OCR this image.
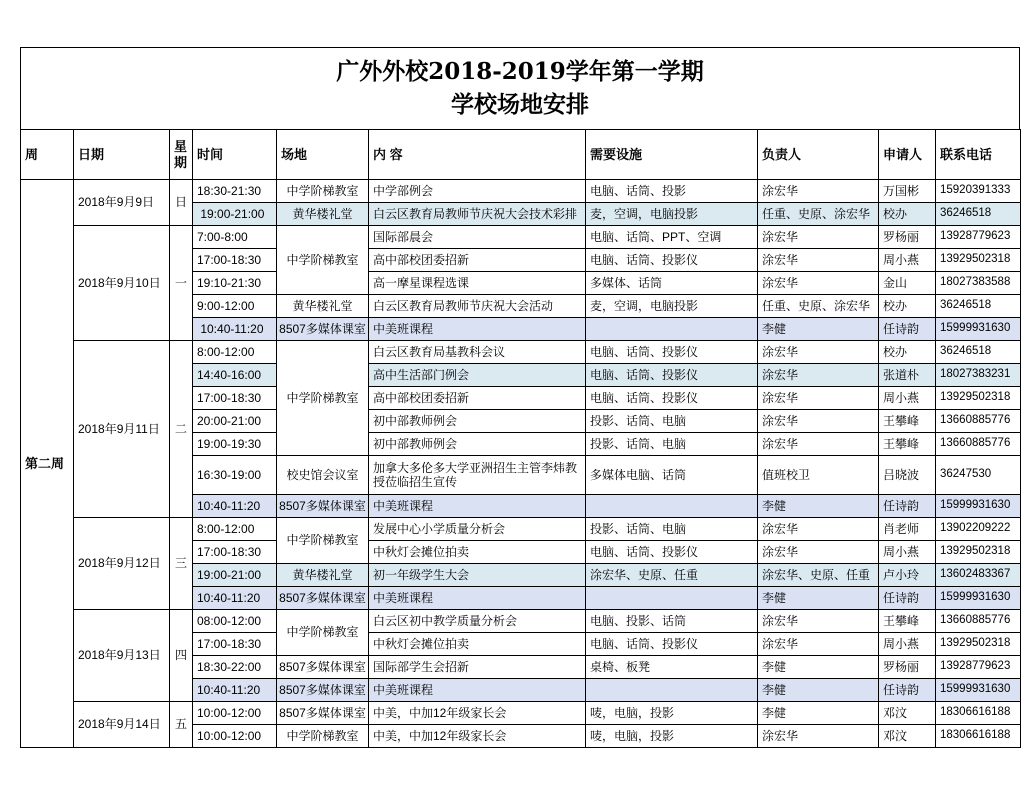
广外外校2018-2019学年第一学期
学校场地安排
周	日期	星期	时间	场地	内 容	需要设施	负责人	申请人	联系电话
第二周	2018年9月9日	日	18:30-21:30	中学阶梯教室	中学部例会	电脑、话筒、投影	涂宏华	万国彬	15920391333
			19:00-21:00	黄华楼礼堂	白云区教育局教师节庆祝大会技术彩排	麦，空调，电脑投影	任重、史原、涂宏华	校办	36246518
	2018年9月10日	一	7:00-8:00	中学阶梯教室	国际部晨会	电脑、话筒、PPT、空调	涂宏华	罗杨丽	13928779623
			17:00-18:30		高中部校团委招新	电脑、话筒、投影仪	涂宏华	周小燕	13929502318
			19:10-21:30		高一摩星课程选课	多媒体、话筒	涂宏华	金山	18027383588
			9:00-12:00	黄华楼礼堂	白云区教育局教师节庆祝大会活动	麦，空调，电脑投影	任重、史原、涂宏华	校办	36246518
			10:40-11:20	8507多媒体课室	中美班课程		李健	任诗韵	15999931630
	2018年9月11日	二	8:00-12:00	中学阶梯教室	白云区教育局基教科会议	电脑、话筒、投影仪	涂宏华	校办	36246518
			14:40-16:00		高中生活部门例会	电脑、话筒、投影仪	涂宏华	张道朴	18027383231
			17:00-18:30		高中部校团委招新	电脑、话筒、投影仪	涂宏华	周小燕	13929502318
			20:00-21:00		初中部教师例会	投影、话筒、电脑	涂宏华	王攀峰	13660885776
			19:00-19:30		初中部教师例会	投影、话筒、电脑	涂宏华	王攀峰	13660885776
			16:30-19:00	校史馆会议室	加拿大多伦多大学亚洲招生主管李炜教授莅临招生宣传	多媒体电脑、话筒	值班校卫	吕晓波	36247530
			10:40-11:20	8507多媒体课室	中美班课程		李健	任诗韵	15999931630
	2018年9月12日	三	8:00-12:00	中学阶梯教室	发展中心小学质量分析会	投影、话筒、电脑	涂宏华	肖老师	13902209222
			17:00-18:30		中秋灯会摊位拍卖	电脑、话筒、投影仪	涂宏华	周小燕	13929502318
			19:00-21:00	黄华楼礼堂	初一年级学生大会	涂宏华、史原、任重	涂宏华、史原、任重	卢小玲	13602483367
			10:40-11:20	8507多媒体课室	中美班课程		李健	任诗韵	15999931630
	2018年9月13日	四	08:00-12:00	中学阶梯教室	白云区初中教学质量分析会	电脑、投影、话筒	涂宏华	王攀峰	13660885776
			17:00-18:30		中秋灯会摊位拍卖	电脑、话筒、投影仪	涂宏华	周小燕	13929502318
			18:30-22:00	8507多媒体课室	国际部学生会招新	桌椅、板凳	李健	罗杨丽	13928779623
			10:40-11:20	8507多媒体课室	中美班课程		李健	任诗韵	15999931630
	2018年9月14日	五	10:00-12:00	8507多媒体课室	中美，中加12年级家长会	唛，电脑，投影	李健	邓汶	18306616188
			10:00-12:00	中学阶梯教室	中美，中加12年级家长会	唛，电脑，投影	涂宏华	邓汶	18306616188
